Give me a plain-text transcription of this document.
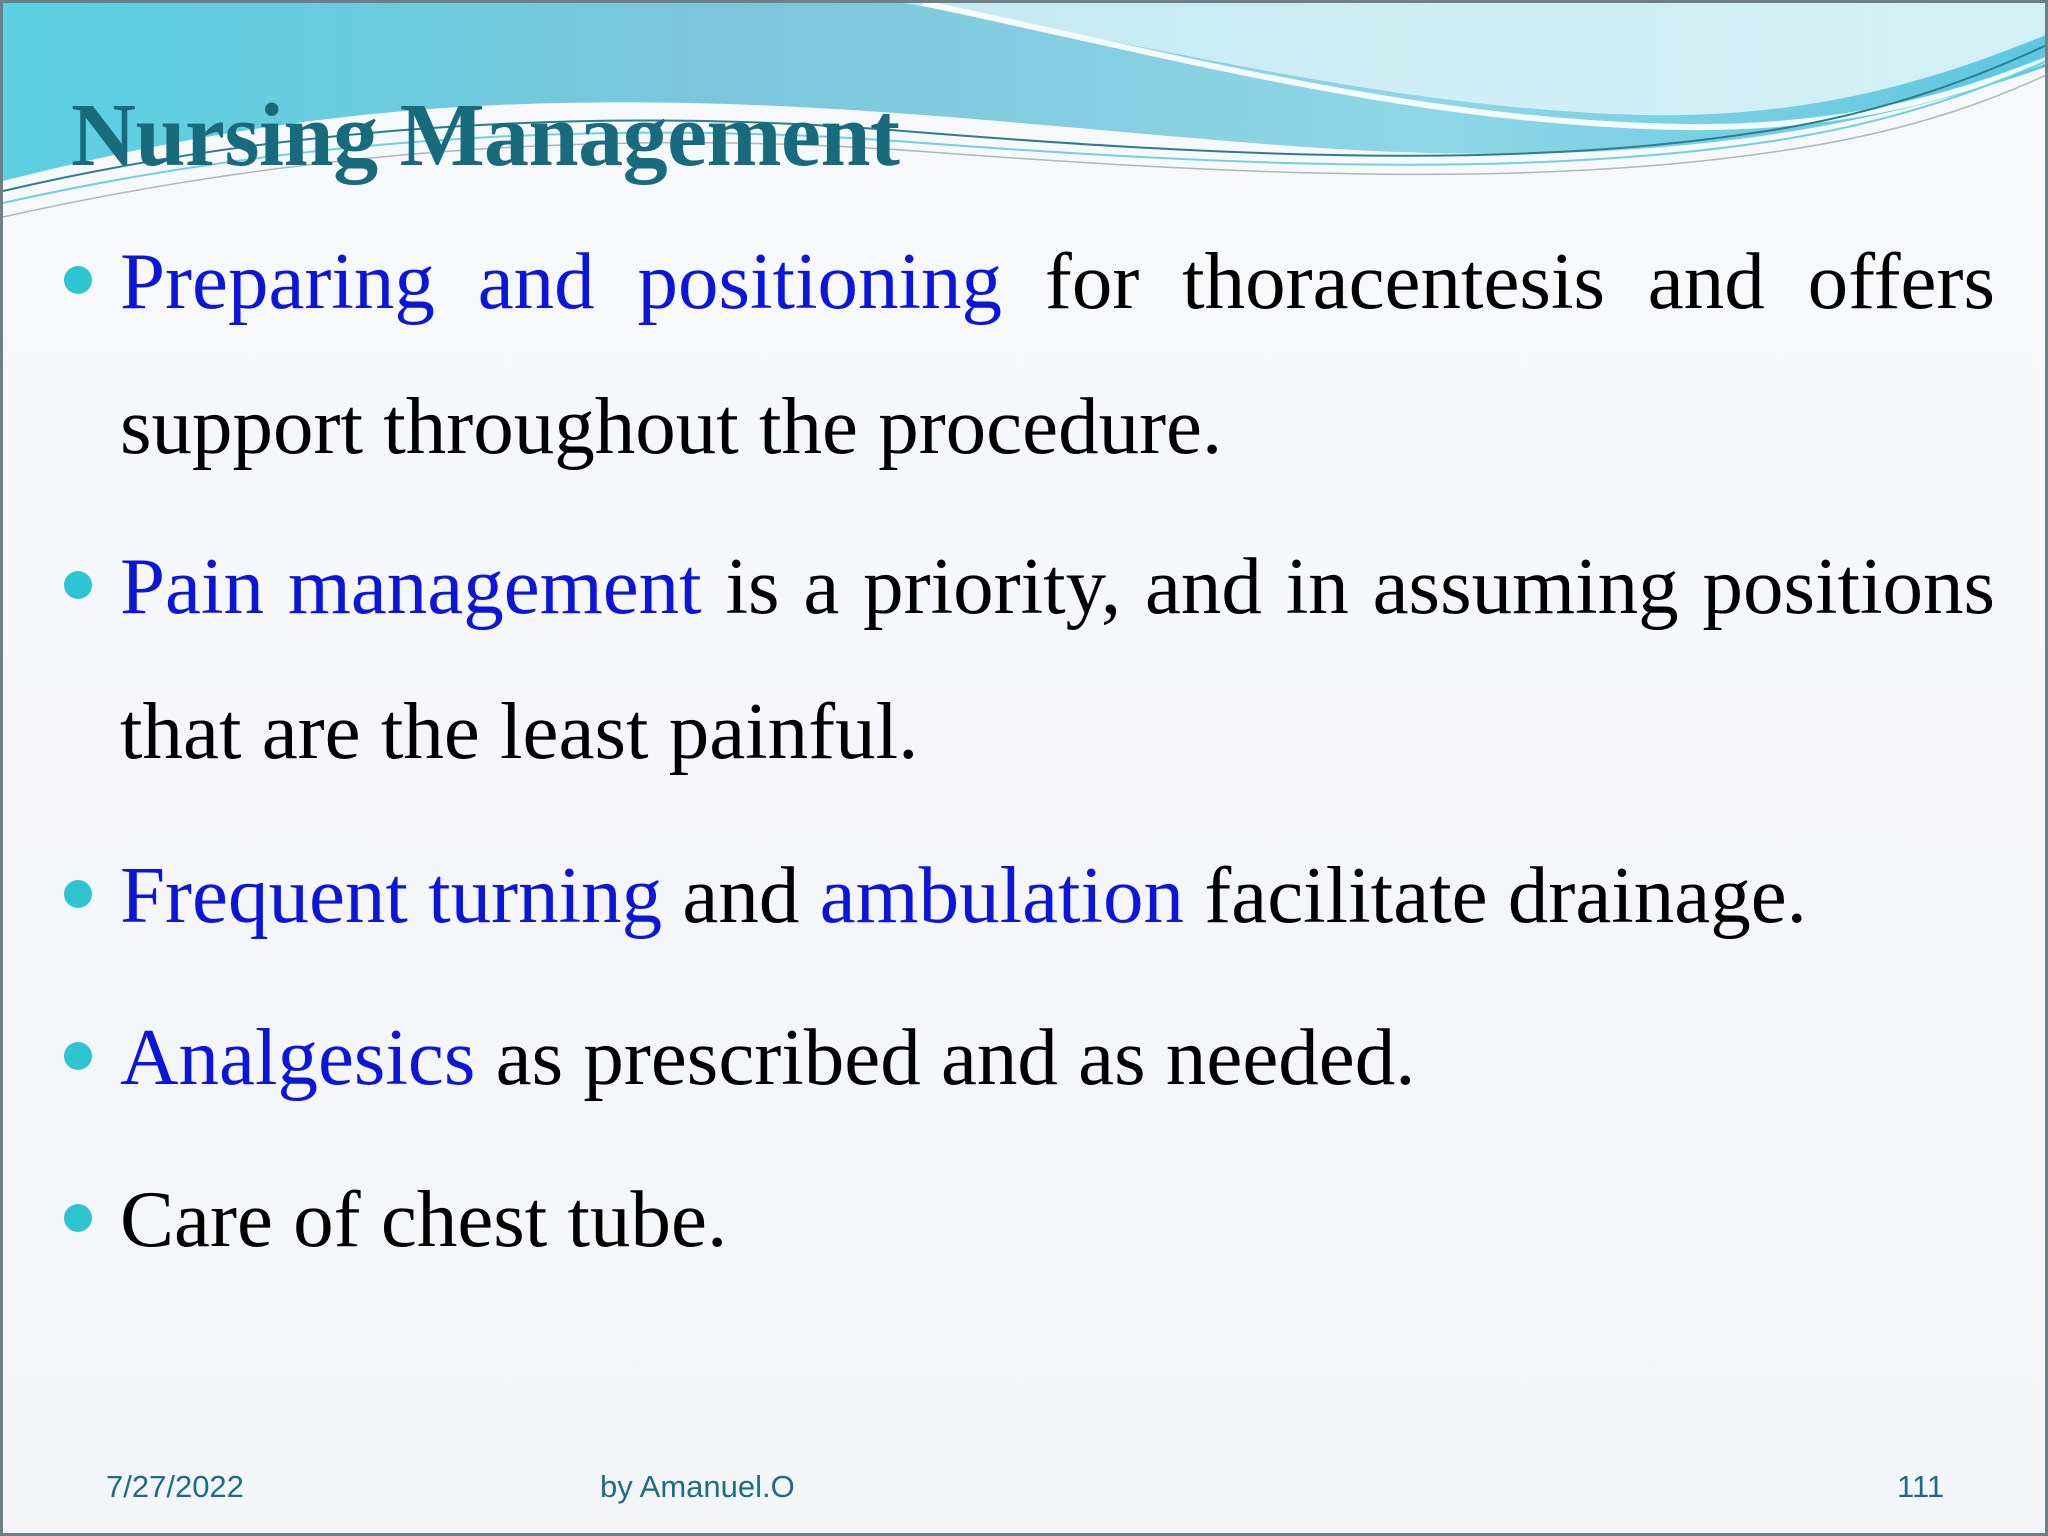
Nursing Management
Preparing and positioning for thoracentesis and offers support throughout the procedure.
Pain management is a priority, and in assuming positions that are the least painful.
Frequent turning and ambulation facilitate drainage.
Analgesics as prescribed and as needed.
Care of chest tube.
7/27/2022	by Amanuel.O	111
